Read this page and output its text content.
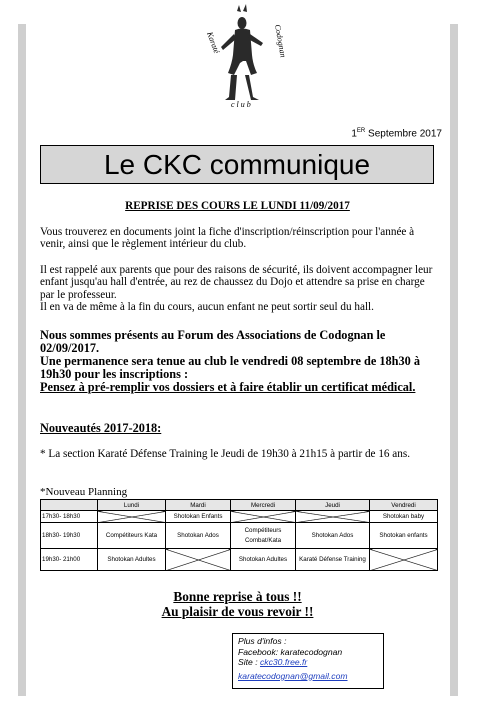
Karaté	Codognan
club
1ER Septembre 2017
Le CKC communique
REPRISE DES COURS LE LUNDI 11/09/2017
Vous trouverez en documents joint la fiche d'inscription/réinscription pour l'année à venir, ainsi que le règlement intérieur du club.
Il est rappelé aux parents que pour des raisons de sécurité, ils doivent accompagner leur enfant jusqu'au hall d'entrée, au rez de chaussez du Dojo et attendre sa prise en charge par le professeur.
Il en va de même à la fin du cours, aucun enfant ne peut sortir seul du hall.
Nous sommes présents au Forum des Associations de Codognan le 02/09/2017.
Une permanence sera tenue au club le vendredi 08 septembre de 18h30 à 19h30 pour les inscriptions :
Pensez à pré-remplir vos dossiers et à faire établir un certificat médical.
Nouveautés 2017-2018:
* La section Karaté Défense Training le Jeudi de 19h30 à 21h15 à partir de 16 ans.
*Nouveau Planning
	Lundi	Mardi	Mercredi	Jeudi	Vendredi
17h30- 18h30		Shotokan Enfants			Shotokan baby
18h30- 19h30	Compétiteurs Kata	Shotokan Ados	Compétiteurs Combat/Kata	Shotokan Ados	Shotokan enfants
19h30- 21h00	Shotokan Adultes		Shotokan Adultes	Karaté Défense Training	
Bonne reprise à tous !!
Au plaisir de vous revoir !!
Plus d'infos :
Facebook: karatecodognan
Site : ckc30.free.fr
karatecodognan@gmail.com
